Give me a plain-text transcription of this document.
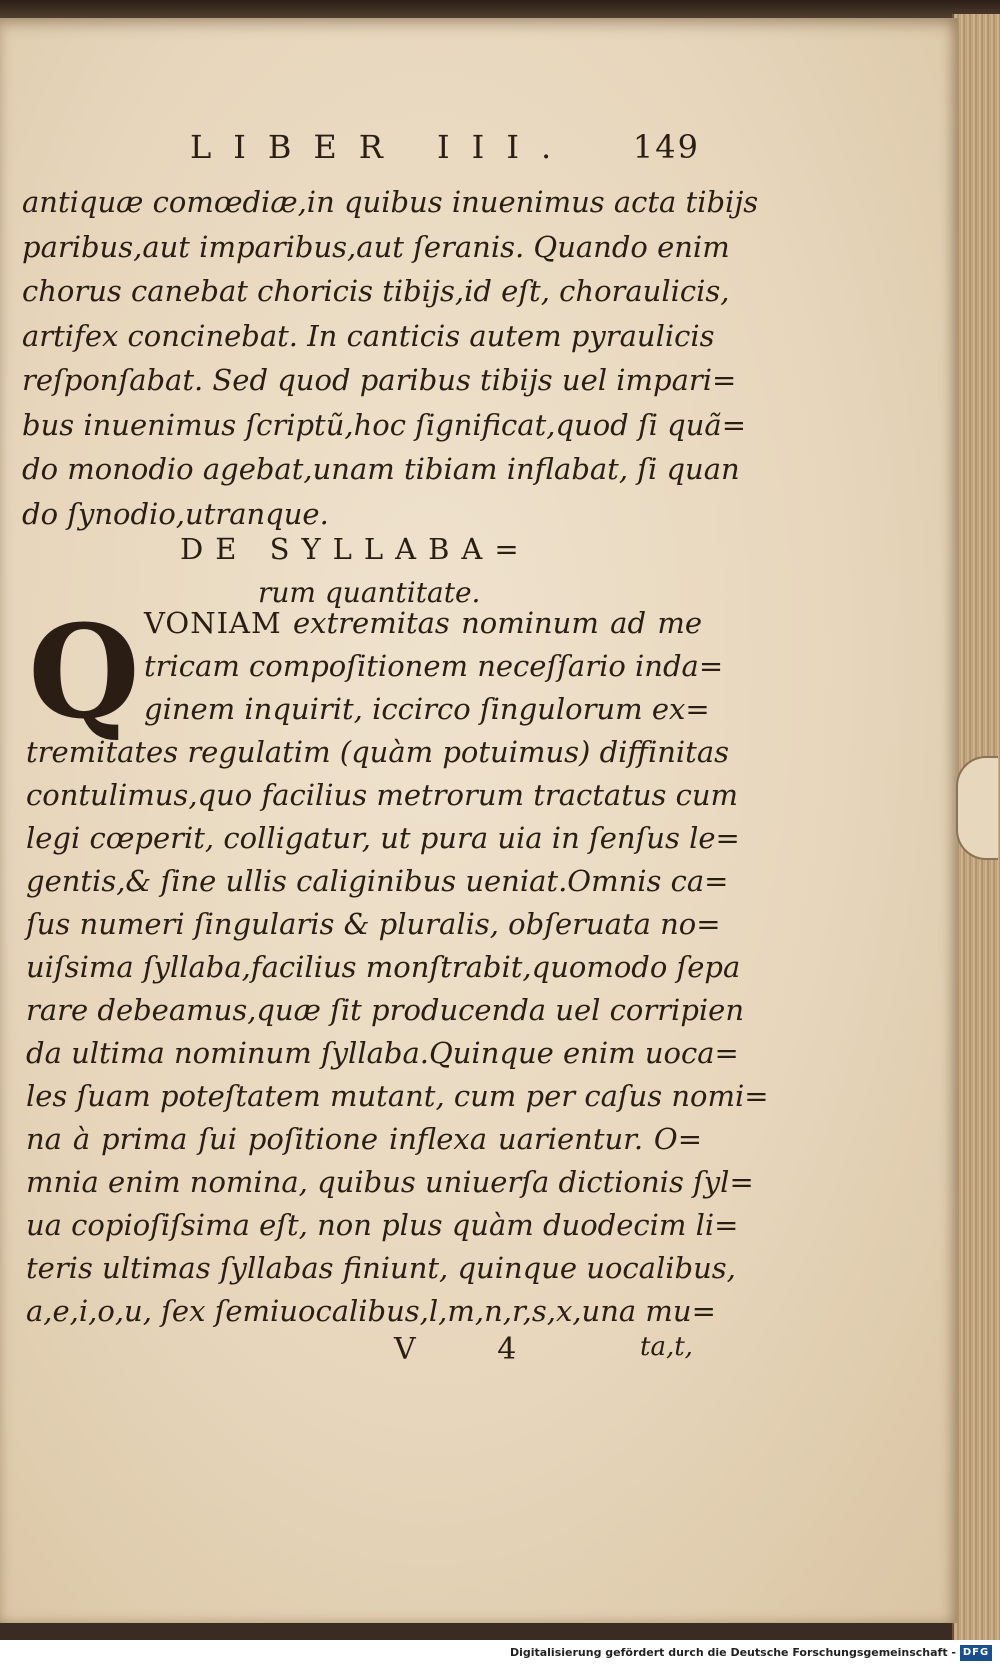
LIBER III. 149
antiquæ comœdiæ,in quibus inuenimus acta tibijs
paribus,aut imparibus,aut ſeranis. Quando enim
chorus canebat choricis tibijs,id eſt, choraulicis,
artifex concinebat. In canticis autem pyraulicis
reſponſabat. Sed quod paribus tibijs uel impari=
bus inuenimus ſcriptũ,hoc ſignificat,quod ſi quã=
do monodio agebat,unam tibiam inflabat, ſi quan
do ſynodio,utranque.
DE SYLLABA=
rum quantitate.
Q VONIAM extremitas nominum ad me
tricam compoſitionem neceſſario inda=
ginem inquirit, iccirco ſingulorum ex=
tremitates regulatim (quàm potuimus) diffinitas
contulimus,quo facilius metrorum tractatus cum
legi cœperit, colligatur, ut pura uia in ſenſus le=
gentis,& ſine ullis caliginibus ueniat.Omnis ca=
ſus numeri ſingularis & pluralis, obſeruata no=
uiſsima ſyllaba,facilius monſtrabit,quomodo ſepa
rare debeamus,quæ ſit producenda uel corripien
da ultima nominum ſyllaba.Quinque enim uoca=
les ſuam poteſtatem mutant, cum per caſus nomi=
na à prima ſui poſitione inflexa uarientur. O=
mnia enim nomina, quibus uniuerſa dictionis ſyl=
ua copioſiſsima eſt, non plus quàm duodecim li=
teris ultimas ſyllabas finiunt, quinque uocalibus,
a,e,i,o,u, ſex ſemiuocalibus,l,m,n,r,s,x,una mu=
V 4	ta,t,
Digitalisierung gefördert durch die Deutsche Forschungsgemeinschaft - DFG
